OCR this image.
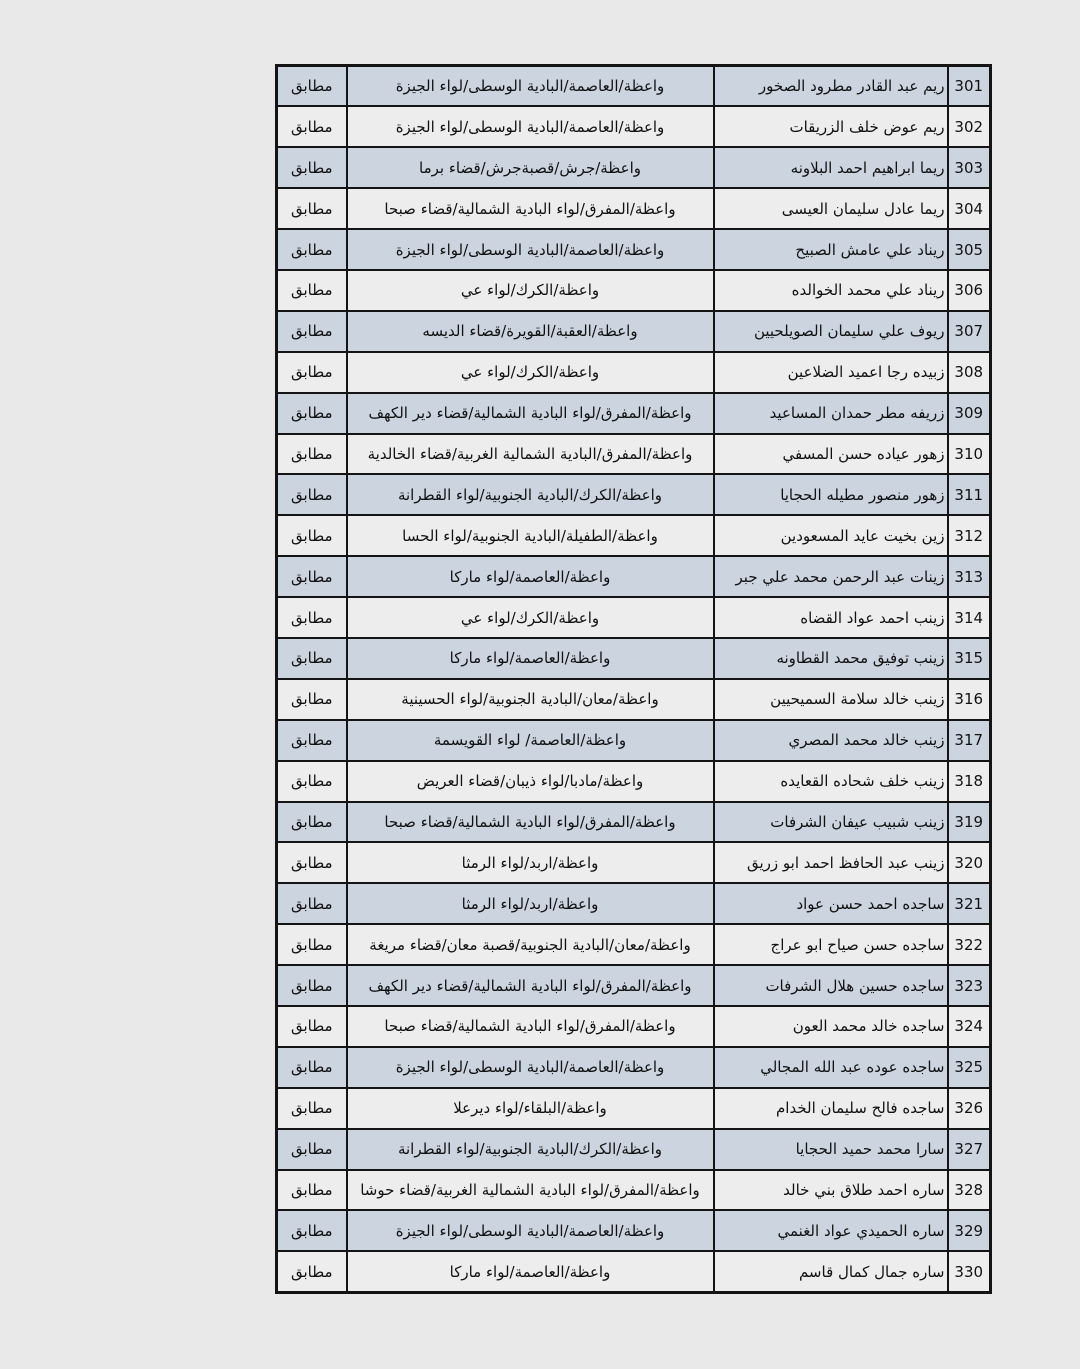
301	ريم عبد القادر مطرود الصخور	واعظة/العاصمة/البادية الوسطى/لواء الجيزة	مطابق
302	ريم عوض خلف الزريقات	واعظة/العاصمة/البادية الوسطى/لواء الجيزة	مطابق
303	ريما ابراهيم احمد البلاونه	واعظة/جرش/قصبةجرش/قضاء برما	مطابق
304	ريما عادل سليمان العيسى	واعظة/المفرق/لواء البادية الشمالية/قضاء صبحا	مطابق
305	ريناد علي عامش الصبيح	واعظة/العاصمة/البادية الوسطى/لواء الجيزة	مطابق
306	ريناد علي محمد الخوالده	واعظة/الكرك/لواء عي	مطابق
307	ريوف علي سليمان الصويلحيين	واعظة/العقبة/القويرة/قضاء الديسه	مطابق
308	زبيده رجا اعميد الضلاعين	واعظة/الكرك/لواء عي	مطابق
309	زريفه مطر حمدان المساعيد	واعظة/المفرق/لواء البادية الشمالية/قضاء دير الكهف	مطابق
310	زهور عياده حسن المسفي	واعظة/المفرق/البادية الشمالية الغربية/قضاء الخالدية	مطابق
311	زهور منصور مطيله الحجايا	واعظة/الكرك/البادية الجنوبية/لواء القطرانة	مطابق
312	زين بخيت عايد المسعودين	واعظة/الطفيلة/البادية الجنوبية/لواء الحسا	مطابق
313	زينات عبد الرحمن محمد علي جبر	واعظة/العاصمة/لواء ماركا	مطابق
314	زينب احمد عواد القضاه	واعظة/الكرك/لواء عي	مطابق
315	زينب توفيق محمد القطاونه	واعظة/العاصمة/لواء ماركا	مطابق
316	زينب خالد سلامة السميحيين	واعظة/معان/البادية الجنوبية/لواء الحسينية	مطابق
317	زينب خالد محمد المصري	واعظة/العاصمة/ لواء القويسمة	مطابق
318	زينب خلف شحاده القعايده	واعظة/مادبا/لواء ذيبان/قضاء العريض	مطابق
319	زينب شبيب عيفان الشرفات	واعظة/المفرق/لواء البادية الشمالية/قضاء صبحا	مطابق
320	زينب عبد الحافظ احمد ابو زريق	واعظة/اربد/لواء الرمثا	مطابق
321	ساجده احمد حسن عواد	واعظة/اربد/لواء الرمثا	مطابق
322	ساجده حسن صياح ابو عراج	واعظة/معان/البادية الجنوبية/قصبة معان/قضاء مريغة	مطابق
323	ساجده حسين هلال الشرفات	واعظة/المفرق/لواء البادية الشمالية/قضاء دير الكهف	مطابق
324	ساجده خالد محمد العون	واعظة/المفرق/لواء البادية الشمالية/قضاء صبحا	مطابق
325	ساجده عوده عبد الله المجالي	واعظة/العاصمة/البادية الوسطى/لواء الجيزة	مطابق
326	ساجده فالح سليمان الخدام	واعظة/البلقاء/لواء ديرعلا	مطابق
327	سارا محمد حميد الحجايا	واعظة/الكرك/البادية الجنوبية/لواء القطرانة	مطابق
328	ساره احمد طلاق بني خالد	واعظة/المفرق/لواء البادية الشمالية الغربية/قضاء حوشا	مطابق
329	ساره الحميدي عواد الغنمي	واعظة/العاصمة/البادية الوسطى/لواء الجيزة	مطابق
330	ساره جمال كمال قاسم	واعظة/العاصمة/لواء ماركا	مطابق
